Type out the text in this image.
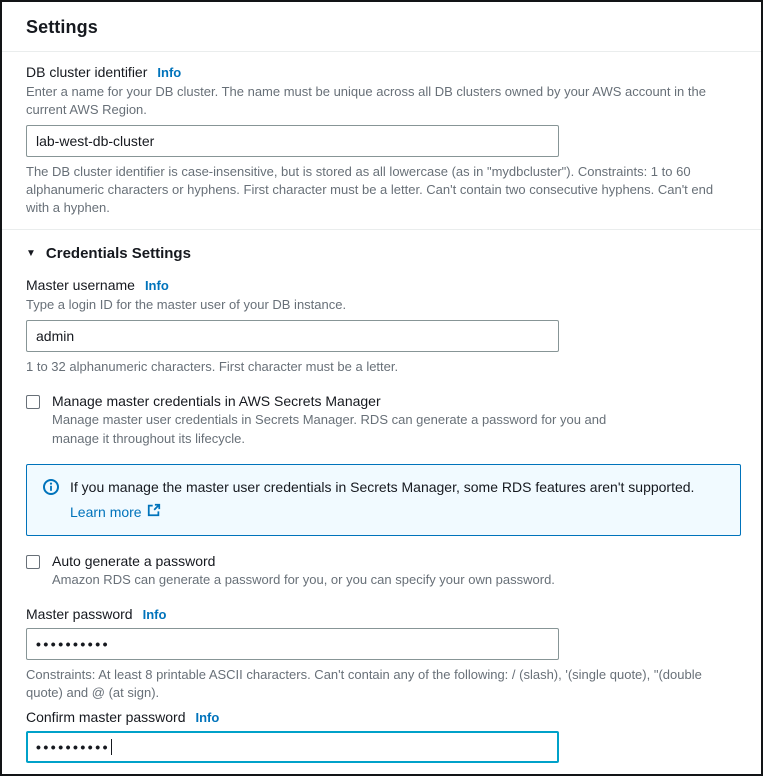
Settings
DB cluster identifier Info
Enter a name for your DB cluster. The name must be unique across all DB clusters owned by your AWS account in the current AWS Region.
lab-west-db-cluster
The DB cluster identifier is case-insensitive, but is stored as all lowercase (as in "mydbcluster"). Constraints: 1 to 60 alphanumeric characters or hyphens. First character must be a letter. Can't contain two consecutive hyphens. Can't end with a hyphen.
▼ Credentials Settings
Master username Info
Type a login ID for the master user of your DB instance.
admin
1 to 32 alphanumeric characters. First character must be a letter.
Manage master credentials in AWS Secrets Manager
Manage master user credentials in Secrets Manager. RDS can generate a password for you and manage it throughout its lifecycle.
If you manage the master user credentials in Secrets Manager, some RDS features aren't supported.
Learn more
Auto generate a password
Amazon RDS can generate a password for you, or you can specify your own password.
Master password Info
••••••••••
Constraints: At least 8 printable ASCII characters. Can't contain any of the following: / (slash), '(single quote), "(double quote) and @ (at sign).
Confirm master password Info
••••••••••
